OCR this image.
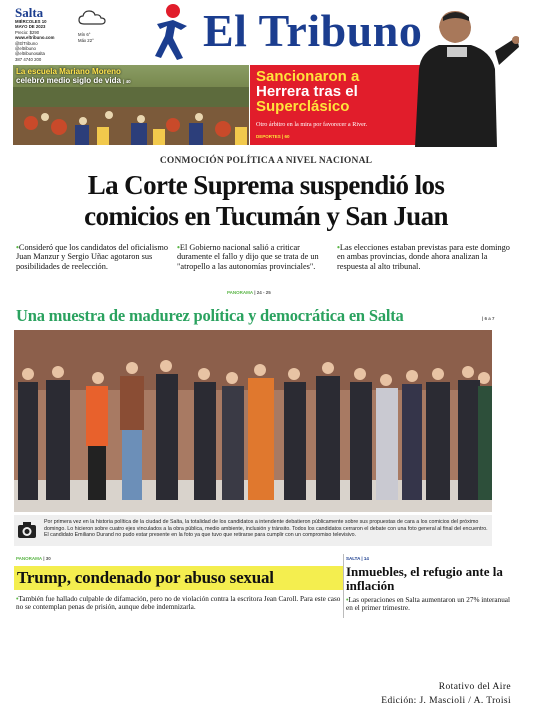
Salta
MIÉRCOLES 10
MAYO DE 2023
Precio: $290
www.eltribuno.com
@ElTribuno
@eltribuno
@eltribunosalta
387 4740 200
Mín 6°
Máx 22° El Tribuno
La escuela Mariano Moreno
celebró medio siglo de vida | 40	Sancionaron a
Herrera tras el
Superclásico
Otro árbitro en la mira por favorecer a River.
DEPORTES | 60
CONMOCIÓN POLÍTICA A NIVEL NACIONAL
La Corte Suprema suspendió los
comicios en Tucumán y San Juan
•Consideró que los candidatos del oficialismo Juan Manzur y Sergio Uñac agotaron sus posibilidades de reelección.
•El Gobierno nacional salió a criticar duramente el fallo y dijo que se trata de un "atropello a las autonomías provinciales".
•Las elecciones estaban previstas para este domingo en ambas provincias, donde ahora analizan la respuesta al alto tribunal.
PANORAMA | 24 - 25
Una muestra de madurez política y democrática en Salta	| 6 a 7
Por primera vez en la historia política de la ciudad de Salta, la totalidad de los candidatos a intendente debatieron públicamente sobre sus propuestas de cara a los comicios del próximo domingo. Lo hicieron sobre cuatro ejes vinculados a la obra pública, medio ambiente, inclusión y tránsito. Todos los candidatos cerraron el debate con una foto general al final del encuentro. El candidato Emiliano Durand no pudo estar presente en la foto ya que tuvo que retirarse para cumplir con un compromiso televisivo.
PANORAMA | 30
Trump, condenado por abuso sexual
•También fue hallado culpable de difamación, pero no de violación contra la escritora Jean Caroll. Para este caso no se contemplan penas de prisión, aunque debe indemnizarla.
SALTA | 14
Inmuebles, el refugio ante la inflación
•Las operaciones en Salta aumentaron un 27% interanual en el primer trimestre.
Rotativo del Aire
Edición: J. Mascioli / A. Troisi
